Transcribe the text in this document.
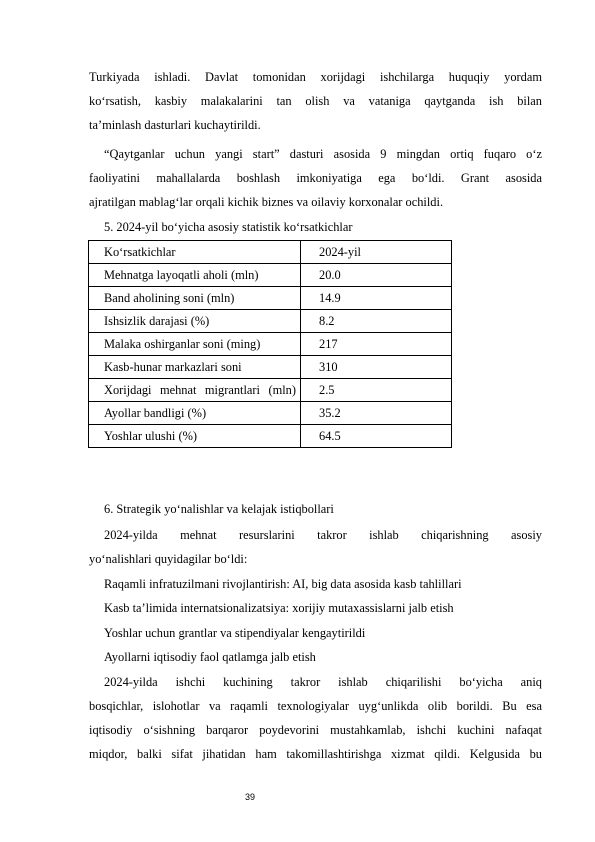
Turkiyada ishladi. Davlat tomonidan xorijdagi ishchilarga huquqiy yordam

ko‘rsatish, kasbiy malakalarini tan olish va vataniga qaytganda ish bilan

ta’minlash dasturlari kuchaytirildi.

“Qaytganlar uchun yangi start” dasturi asosida 9 mingdan ortiq fuqaro o‘z

faoliyatini mahallalarda boshlash imkoniyatiga ega bo‘ldi. Grant asosida

ajratilgan mablag‘lar orqali kichik biznes va oilaviy korxonalar ochildi.

5. 2024-yil bo‘yicha asosiy statistik ko‘rsatkichlar

Ko‘rsatkichlar	2024-yil
Mehnatga layoqatli aholi (mln)	20.0
Band aholining soni (mln)	14.9
Ishsizlik darajasi (%)	8.2
Malaka oshirganlar soni (ming)	217
Kasb-hunar markazlari soni	310

Xorijdagi mehnat migrantlari (mln)	2.5
Ayollar bandligi (%)	35.2
Yoshlar ulushi (%)	64.5

6. Strategik yo‘nalishlar va kelajak istiqbollari

2024-yilda mehnat resurslarini takror ishlab chiqarishning asosiy

yo‘nalishlari quyidagilar bo‘ldi:

Raqamli infratuzilmani rivojlantirish: AI, big data asosida kasb tahlillari

Kasb ta’limida internatsionalizatsiya: xorijiy mutaxassislarni jalb etish

Yoshlar uchun grantlar va stipendiyalar kengaytirildi

Ayollarni iqtisodiy faol qatlamga jalb etish

2024-yilda ishchi kuchining takror ishlab chiqarilishi bo‘yicha aniq

bosqichlar, islohotlar va raqamli texnologiyalar uyg‘unlikda olib borildi. Bu esa

iqtisodiy o‘sishning barqaror poydevorini mustahkamlab, ishchi kuchini nafaqat

miqdor, balki sifat jihatidan ham takomillashtirishga xizmat qildi. Kelgusida bu

39
